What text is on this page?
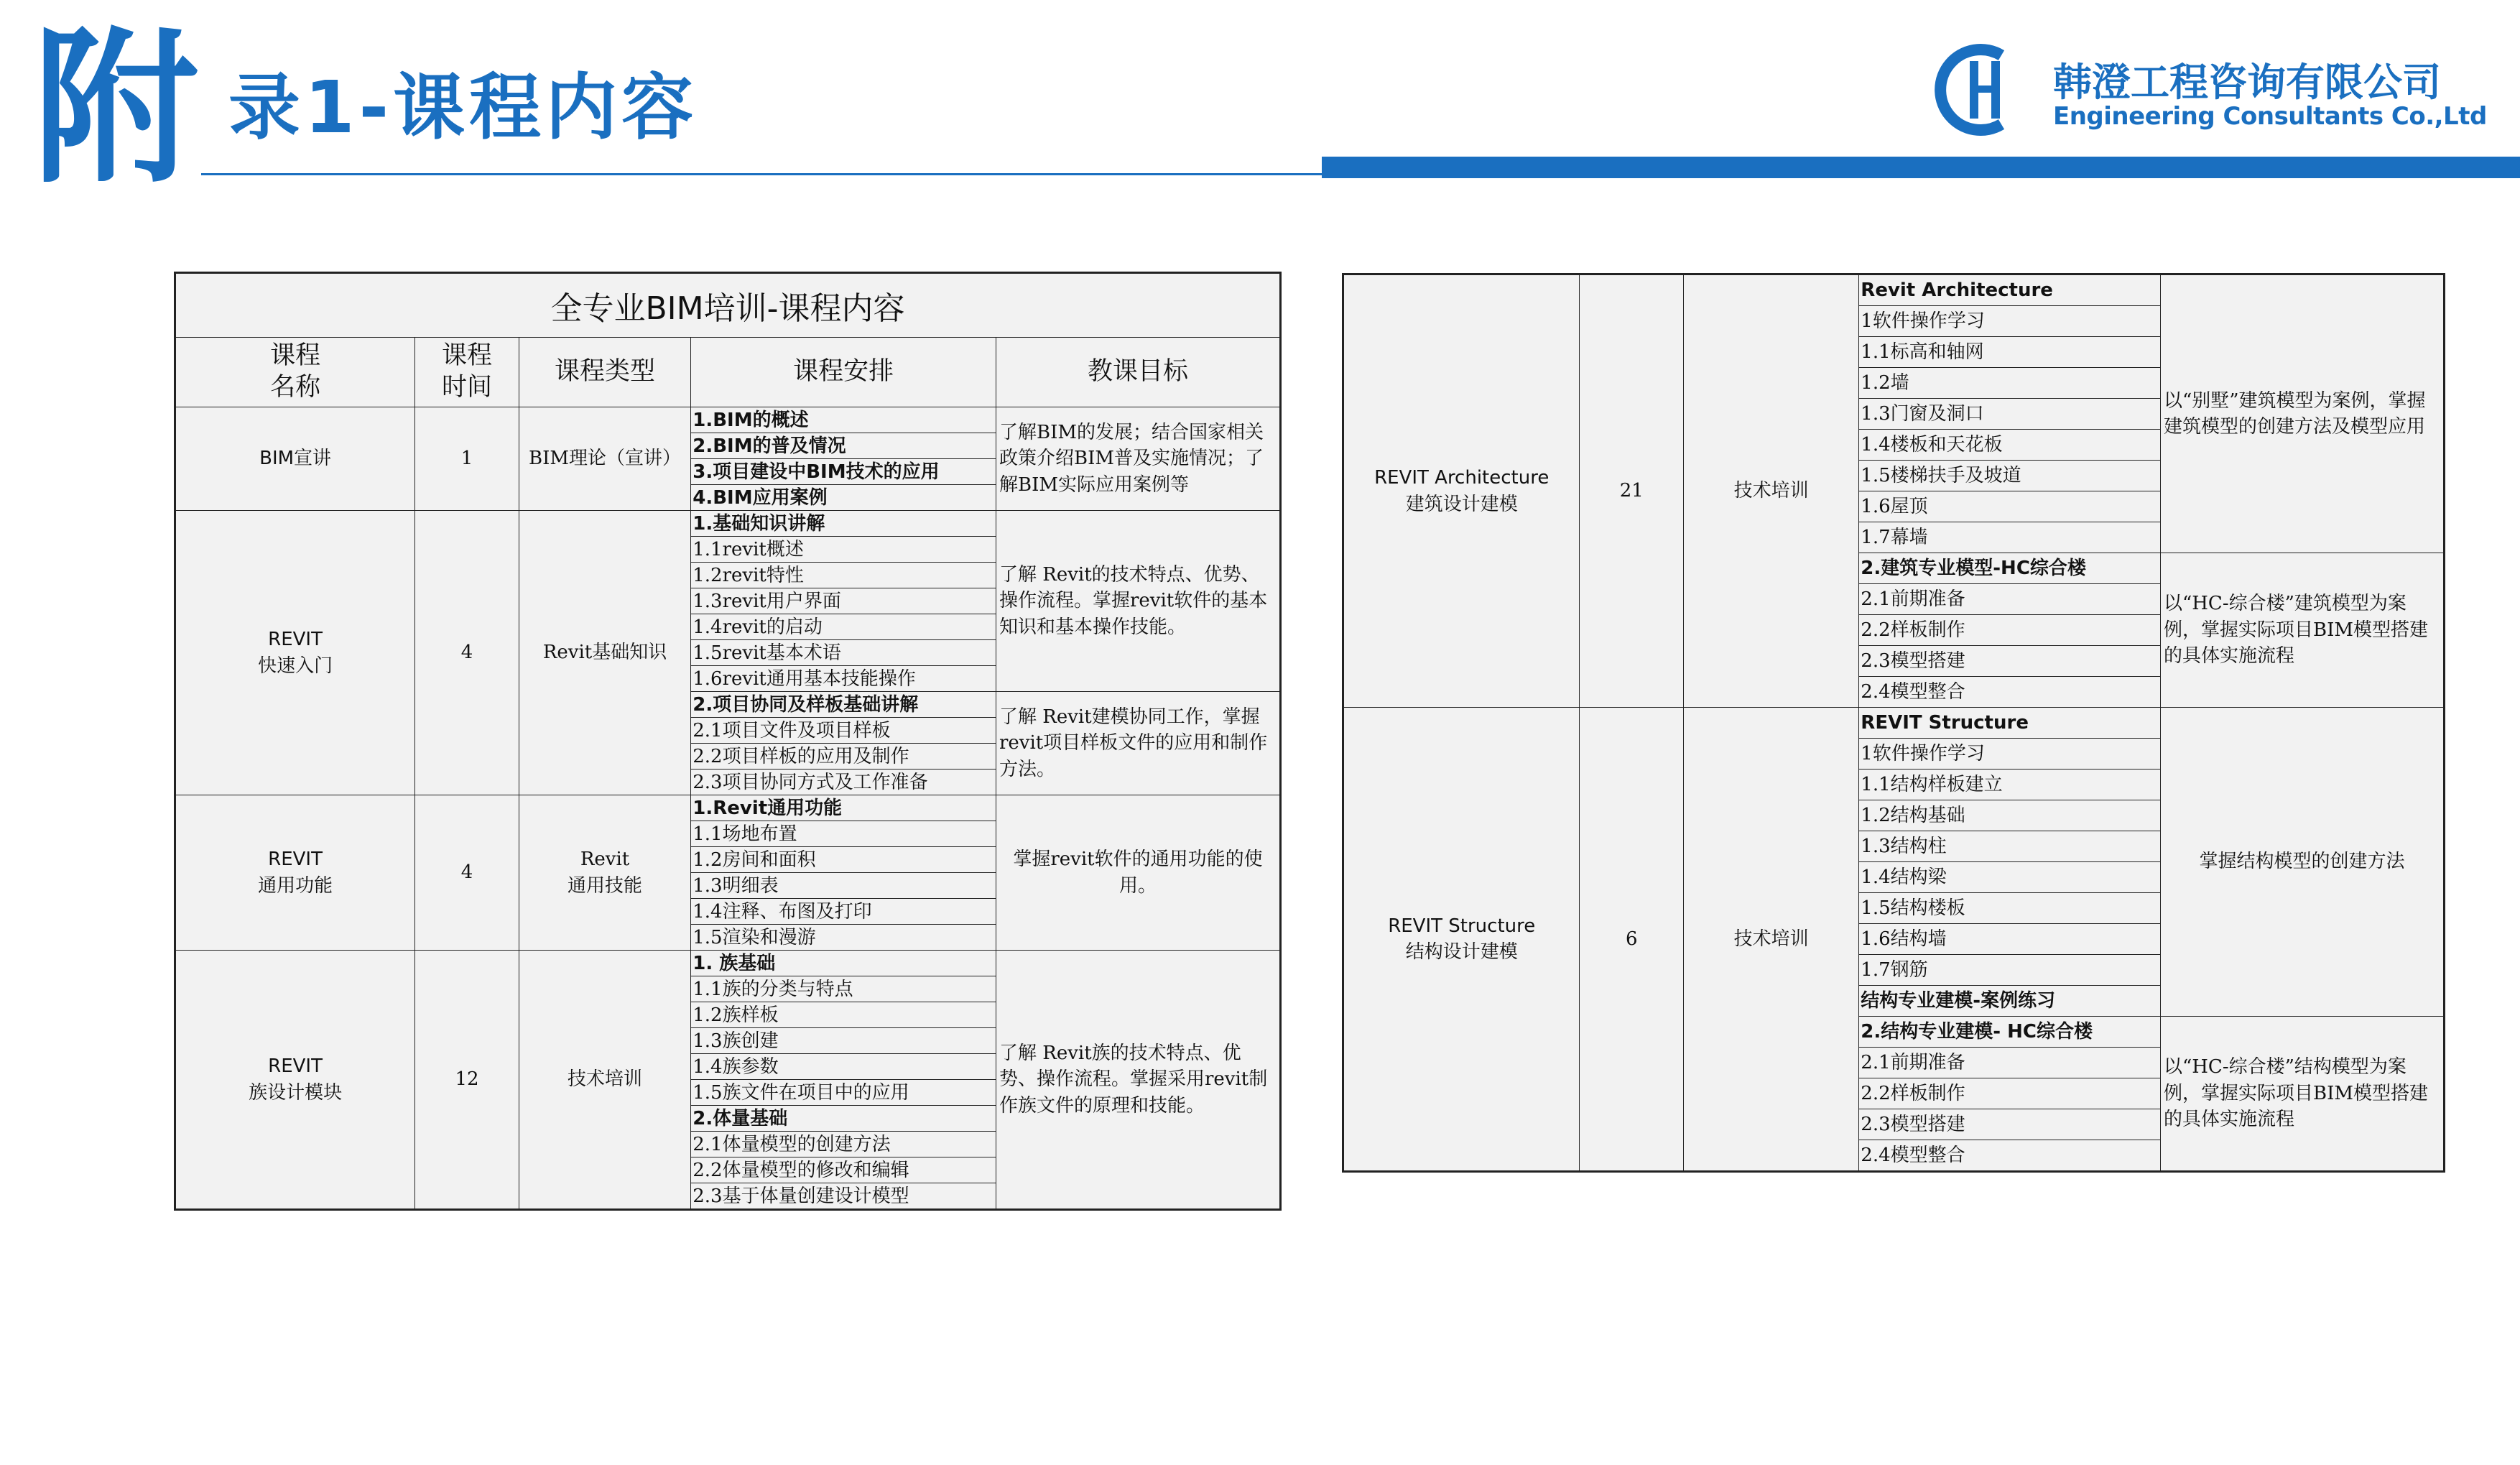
附 录1-课程内容	韩澄工程咨询有限公司
Engineering Consultants Co.,Ltd
全专业BIM培训-课程内容				
课程
名称	课程
时间	课程类型	课程安排	教课目标
BIM宣讲	1	BIM理论（宣讲）	1.BIM的概述	了解BIM的发展；结合国家相关政策介绍BIM普及实施情况；了解BIM实际应用案例等
			2.BIM的普及情况	
			3.项目建设中BIM技术的应用	
			4.BIM应用案例	
REVIT
快速入门	4	Revit基础知识	1.基础知识讲解	了解 Revit的技术特点、优势、操作流程。掌握revit软件的基本知识和基本操作技能。
			1.1revit概述	
			1.2revit特性	
			1.3revit用户界面	
			1.4revit的启动	
			1.5revit基本术语	
			1.6revit通用基本技能操作	
			2.项目协同及样板基础讲解	了解 Revit建模协同工作，掌握revit项目样板文件的应用和制作方法。
			2.1项目文件及项目样板	
			2.2项目样板的应用及制作	
			2.3项目协同方式及工作准备	
REVIT
通用功能	4	Revit
通用技能	1.Revit通用功能	掌握revit软件的通用功能的使用。
			1.1场地布置	
			1.2房间和面积	
			1.3明细表	
			1.4注释、布图及打印	
			1.5渲染和漫游	
REVIT
族设计模块	12	技术培训	1. 族基础	了解 Revit族的技术特点、优势、操作流程。掌握采用revit制作族文件的原理和技能。
			1.1族的分类与特点	
			1.2族样板	
			1.3族创建	
			1.4族参数	
			1.5族文件在项目中的应用	
			2.体量基础	
			2.1体量模型的创建方法	
			2.2体量模型的修改和编辑	
			2.3基于体量创建设计模型	
REVIT Architecture
建筑设计建模	21	技术培训	Revit Architecture	以“别墅”建筑模型为案例，掌握建筑模型的创建方法及模型应用
			1软件操作学习	
			1.1标高和轴网	
			1.2墙	
			1.3门窗及洞口	
			1.4楼板和天花板	
			1.5楼梯扶手及坡道	
			1.6屋顶	
			1.7幕墙	
			2.建筑专业模型-HC综合楼	以“HC-综合楼”建筑模型为案例，掌握实际项目BIM模型搭建的具体实施流程
			2.1前期准备	
			2.2样板制作	
			2.3模型搭建	
			2.4模型整合	
REVIT Structure
结构设计建模	6	技术培训	REVIT Structure	掌握结构模型的创建方法
			1软件操作学习	
			1.1结构样板建立	
			1.2结构基础	
			1.3结构柱	
			1.4结构梁	
			1.5结构楼板	
			1.6结构墙	
			1.7钢筋	
			结构专业建模-案例练习	
			2.结构专业建模- HC综合楼	以“HC-综合楼”结构模型为案例，掌握实际项目BIM模型搭建的具体实施流程
			2.1前期准备	
			2.2样板制作	
			2.3模型搭建	
			2.4模型整合	
